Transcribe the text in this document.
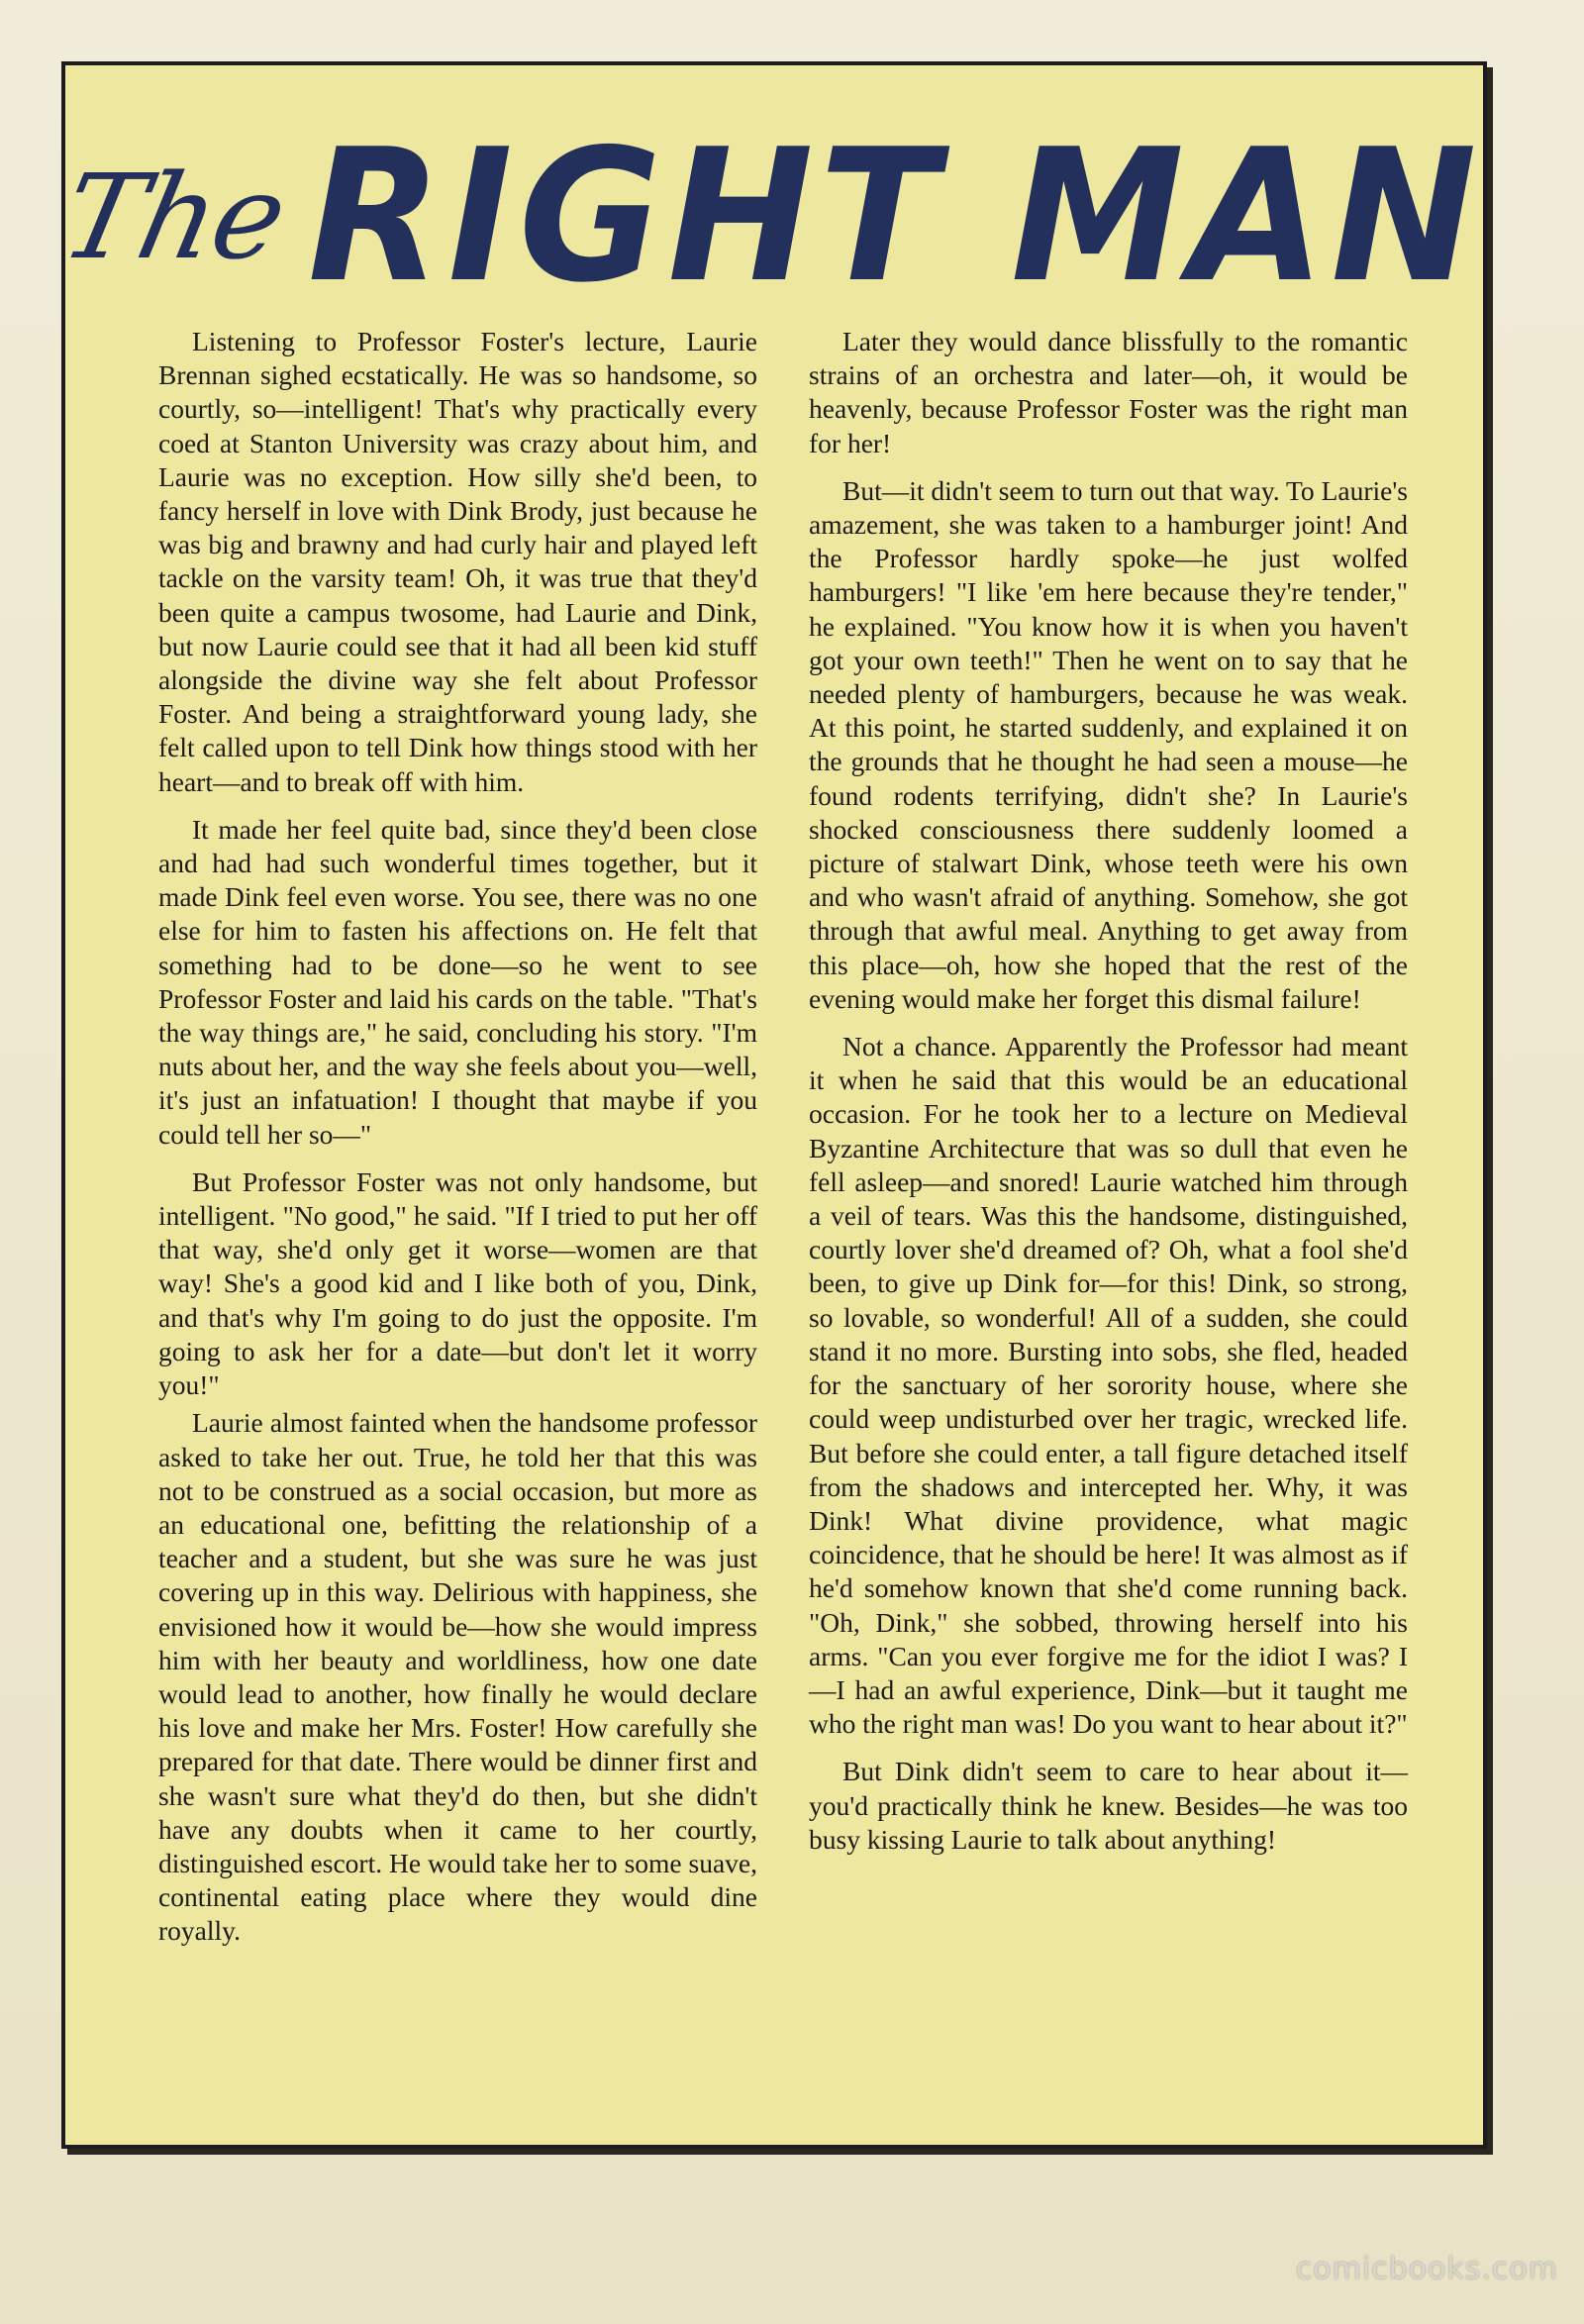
TheRIGHT MAN

Listening to Professor Foster's lecture, Laurie Brennan sighed ecstatically. He was so handsome, so courtly, so—intelligent! That's why practically every coed at Stanton University was crazy about him, and Laurie was no exception. How silly she'd been, to fancy herself in love with Dink Brody, just because he was big and brawny and had curly hair and played left tackle on the varsity team! Oh, it was true that they'd been quite a campus twosome, had Laurie and Dink, but now Laurie could see that it had all been kid stuff alongside the divine way she felt about Professor Foster. And being a straightforward young lady, she felt called upon to tell Dink how things stood with her heart—and to break off with him.

It made her feel quite bad, since they'd been close and had had such wonderful times together, but it made Dink feel even worse. You see, there was no one else for him to fasten his affections on. He felt that something had to be done—so he went to see Professor Foster and laid his cards on the table. "That's the way things are," he said, concluding his story. "I'm nuts about her, and the way she feels about you—well, it's just an infatuation! I thought that maybe if you could tell her so—"

But Professor Foster was not only handsome, but intelligent. "No good," he said. "If I tried to put her off that way, she'd only get it worse—women are that way! She's a good kid and I like both of you, Dink, and that's why I'm going to do just the opposite. I'm going to ask her for a date—but don't let it worry you!"

Laurie almost fainted when the handsome professor asked to take her out. True, he told her that this was not to be construed as a social occasion, but more as an educational one, befitting the relationship of a teacher and a student, but she was sure he was just covering up in this way. Delirious with happiness, she envisioned how it would be—how she would impress him with her beauty and worldliness, how one date would lead to another, how finally he would declare his love and make her Mrs. Foster! How carefully she prepared for that date. There would be dinner first and she wasn't sure what they'd do then, but she didn't have any doubts when it came to her courtly, distinguished escort. He would take her to some suave, continental eating place where they would dine royally.

Later they would dance blissfully to the romantic strains of an orchestra and later—oh, it would be heavenly, because Professor Foster was the right man for her!

But—it didn't seem to turn out that way. To Laurie's amazement, she was taken to a hamburger joint! And the Professor hardly spoke—he just wolfed hamburgers! "I like 'em here because they're tender," he explained. "You know how it is when you haven't got your own teeth!" Then he went on to say that he needed plenty of hamburgers, because he was weak. At this point, he started suddenly, and explained it on the grounds that he thought he had seen a mouse—he found rodents terrifying, didn't she? In Laurie's shocked consciousness there suddenly loomed a picture of stalwart Dink, whose teeth were his own and who wasn't afraid of anything. Somehow, she got through that awful meal. Anything to get away from this place—oh, how she hoped that the rest of the evening would make her forget this dismal failure!

Not a chance. Apparently the Professor had meant it when he said that this would be an educational occasion. For he took her to a lecture on Medieval Byzantine Architecture that was so dull that even he fell asleep—and snored! Laurie watched him through a veil of tears. Was this the handsome, distinguished, courtly lover she'd dreamed of? Oh, what a fool she'd been, to give up Dink for—for this! Dink, so strong, so lovable, so wonderful! All of a sudden, she could stand it no more. Bursting into sobs, she fled, headed for the sanctuary of her sorority house, where she could weep undisturbed over her tragic, wrecked life. But before she could enter, a tall figure detached itself from the shadows and intercepted her. Why, it was Dink! What divine providence, what magic coincidence, that he should be here! It was almost as if he'd somehow known that she'd come running back. "Oh, Dink," she sobbed, throwing herself into his arms. "Can you ever forgive me for the idiot I was? I—I had an awful experience, Dink—but it taught me who the right man was! Do you want to hear about it?"

But Dink didn't seem to care to hear about it—you'd practically think he knew. Besides—he was too busy kissing Laurie to talk about anything!

comicbooks.com
